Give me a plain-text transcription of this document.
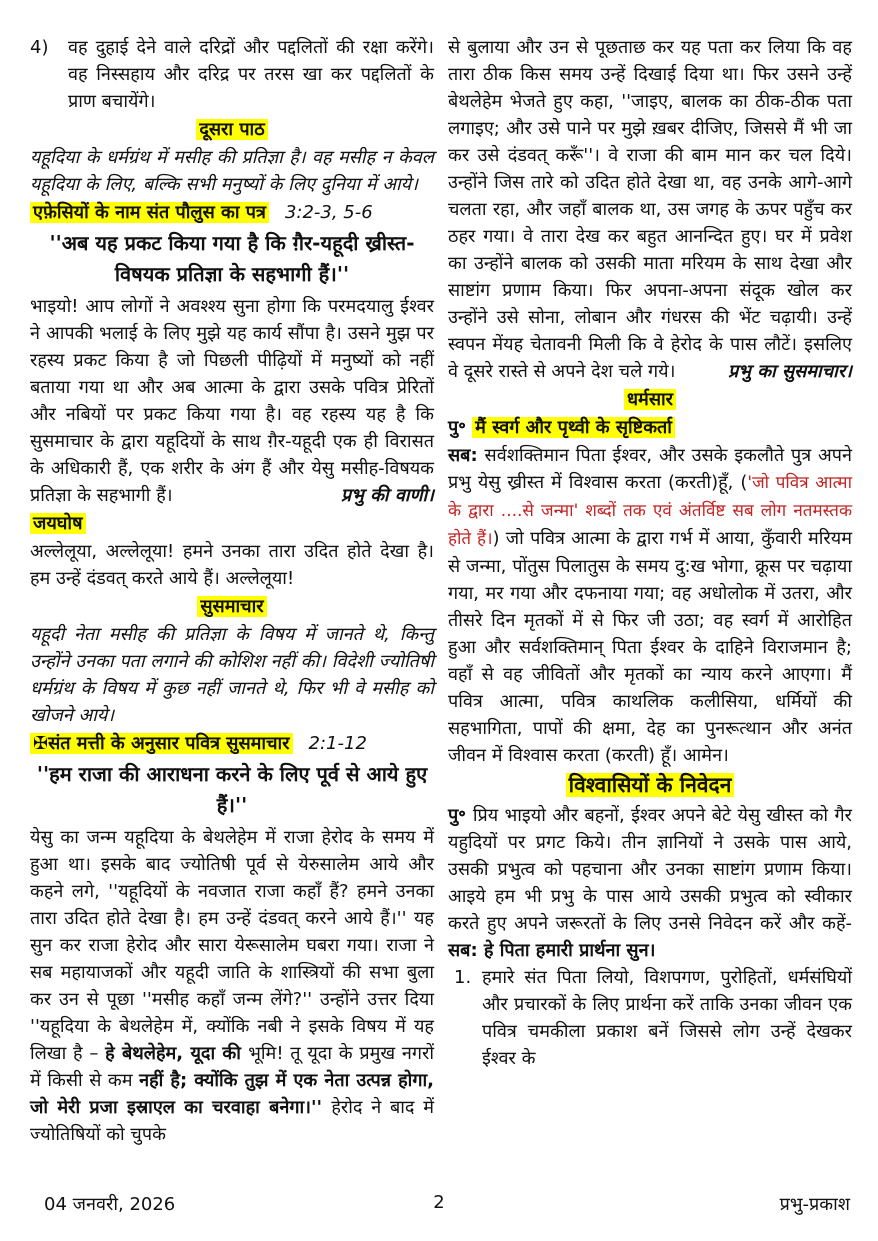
4) वह दुहाई देने वाले दरिद्रों और पद्दलितों की रक्षा करेंगे। वह निस्सहाय और दरिद्र पर तरस खा कर पद्दलितों के प्राण बचायेंगे।

दूसरा पाठ

यहूदिया के धर्मग्रंथ में मसीह की प्रतिज्ञा है। वह मसीह न केवल यहूदिया के लिए, बल्कि सभी मनुष्यों के लिए दुनिया में आये।

एफ़ेसियों के नाम संत पौलुस का पत्र 3:2-3, 5-6

''अब यह प्रकट किया गया है कि ग़ैर-यहूदी ख्रीस्त-विषयक प्रतिज्ञा के सहभागी हैं।''

भाइयो! आप लोगों ने अवश्श्य सुना होगा कि परमदयालु ईश्वर ने आपकी भलाई के लिए मुझे यह कार्य सौंपा है। उसने मुझ पर रहस्य प्रकट किया है जो पिछली पीढ़ियों में मनुष्यों को नहीं बताया गया था और अब आत्मा के द्वारा उसके पवित्र प्रेरितों और नबियों पर प्रकट किया गया है। वह रहस्य यह है कि सुसमाचार के द्वारा यहूदियों के साथ ग़ैर-यहूदी एक ही विरासत के अधिकारी हैं, एक शरीर के अंग हैं और येसु मसीह-विषयक प्रतिज्ञा के सहभागी हैं।	प्रभु की वाणी।

जयघोष

अल्लेलूया, अल्लेलूया! हमने उनका तारा उदित होते देखा है। हम उन्हें दंडवत् करते आये हैं। अल्लेलूया!

सुसमाचार

यहूदी नेता मसीह की प्रतिज्ञा के विषय में जानते थे, किन्तु उन्होंने उनका पता लगाने की कोशिश नहीं की। विदेशी ज्योतिषी धर्मग्रंथ के विषय में कुछ नहीं जानते थे, फिर भी वे मसीह को खोजने आये।

✠संत मत्ती के अनुसार पवित्र सुसमाचार 2:1-12

''हम राजा की आराधना करने के लिए पूर्व से आये हुए हैं।''

येसु का जन्म यहूदिया के बेथलेहेम में राजा हेरोद के समय में हुआ था। इसके बाद ज्योतिषी पूर्व से येरुसालेम आये और कहने लगे, ''यहूदियों के नवजात राजा कहाँ हैं? हमने उनका तारा उदित होते देखा है। हम उन्हें दंडवत् करने आये हैं।'' यह सुन कर राजा हेरोद और सारा येरूसालेम घबरा गया। राजा ने सब महायाजकों और यहूदी जाति के शास्त्रियों की सभा बुला कर उन से पूछा ''मसीह कहाँ जन्म लेंगे?'' उन्होंने उत्तर दिया ''यहूदिया के बेथलेहेम में, क्योंकि नबी ने इसके विषय में यह लिखा है – हे बेथलेहेम, यूदा की भूमि! तू यूदा के प्रमुख नगरों में किसी से कम नहीं है; क्योंकि तुझ में एक नेता उत्पन्न होगा, जो मेरी प्रजा इस्राएल का चरवाहा बनेगा।'' हेरोद ने बाद में ज्योतिषियों को चुपके

से बुलाया और उन से पूछताछ कर यह पता कर लिया कि वह तारा ठीक किस समय उन्हें दिखाई दिया था। फिर उसने उन्हें बेथलेहेम भेजते हुए कहा, ''जाइए, बालक का ठीक-ठीक पता लगाइए; और उसे पाने पर मुझे ख़बर दीजिए, जिससे मैं भी जा कर उसे दंडवत् करूँ''। वे राजा की बाम मान कर चल दिये। उन्होंने जिस तारे को उदित होते देखा था, वह उनके आगे-आगे चलता रहा, और जहाँ बालक था, उस जगह के ऊपर पहुँच कर ठहर गया। वे तारा देख कर बहुत आनन्दित हुए। घर में प्रवेश का उन्होंने बालक को उसकी माता मरियम के साथ देखा और साष्टांग प्रणाम किया। फिर अपना-अपना संदूक खोल कर उन्होंने उसे सोना, लोबान और गंधरस की भेंट चढ़ायी। उन्हें स्वपन मेंयह चेतावनी मिली कि वे हेरोद के पास लौटें। इसलिए वे दूसरे रास्ते से अपने देश चले गये।	प्रभु का सुसमाचार।

धर्मसार
पु॰ मैं स्वर्ग और पृथ्वी के सृष्टिकर्ता

सब: सर्वशक्तिमान पिता ईश्वर, और उसके इकलौते पुत्र अपने प्रभु येसु ख्रीस्त में विश्वास करता (करती)हूँ, ('जो पवित्र आत्मा के द्वारा ....से जन्मा' शब्दों तक एवं अंतर्विष्ट सब लोग नतमस्तक होते हैं।) जो पवित्र आत्मा के द्वारा गर्भ में आया, कुँवारी मरियम से जन्मा, पोंतुस पिलातुस के समय दु:ख भोगा, क्रूस पर चढ़ाया गया, मर गया और दफनाया गया; वह अधोलोक में उतरा, और तीसरे दिन मृतकों में से फिर जी उठा; वह स्वर्ग में आरोहित हुआ और सर्वशक्तिमान् पिता ईश्वर के दाहिने विराजमान है; वहाँ से वह जीवितों और मृतकों का न्याय करने आएगा। मैं पवित्र आत्मा, पवित्र काथलिक कलीसिया, धर्मियों की सहभागिता, पापों की क्षमा, देह का पुनरूत्थान और अनंत जीवन में विश्वास करता (करती) हूँ। आमेन।

विश्वासियों के निवेदन

पु॰ प्रिय भाइयो और बहनों, ईश्वर अपने बेटे येसु खीस्त को गैर यहुदियों पर प्रगट किये। तीन ज्ञानियों ने उसके पास आये, उसकी प्रभुत्व को पहचाना और उनका साष्टांग प्रणाम किया। आइये हम भी प्रभु के पास आये उसकी प्रभुत्व को स्वीकार करते हुए अपने जरूरतों के लिए उनसे निवेदन करें और कहें-सब: हे पिता हमारी प्रार्थना सुन।

1. हमारे संत पिता लियो, विशपगण, पुरोहितों, धर्मसंघियों और प्रचारकों के लिए प्रार्थना करें ताकि उनका जीवन एक पवित्र चमकीला प्रकाश बनें जिससे लोग उन्हें देखकर ईश्वर के

04 जनवरी, 2026	2	प्रभु-प्रकाश
